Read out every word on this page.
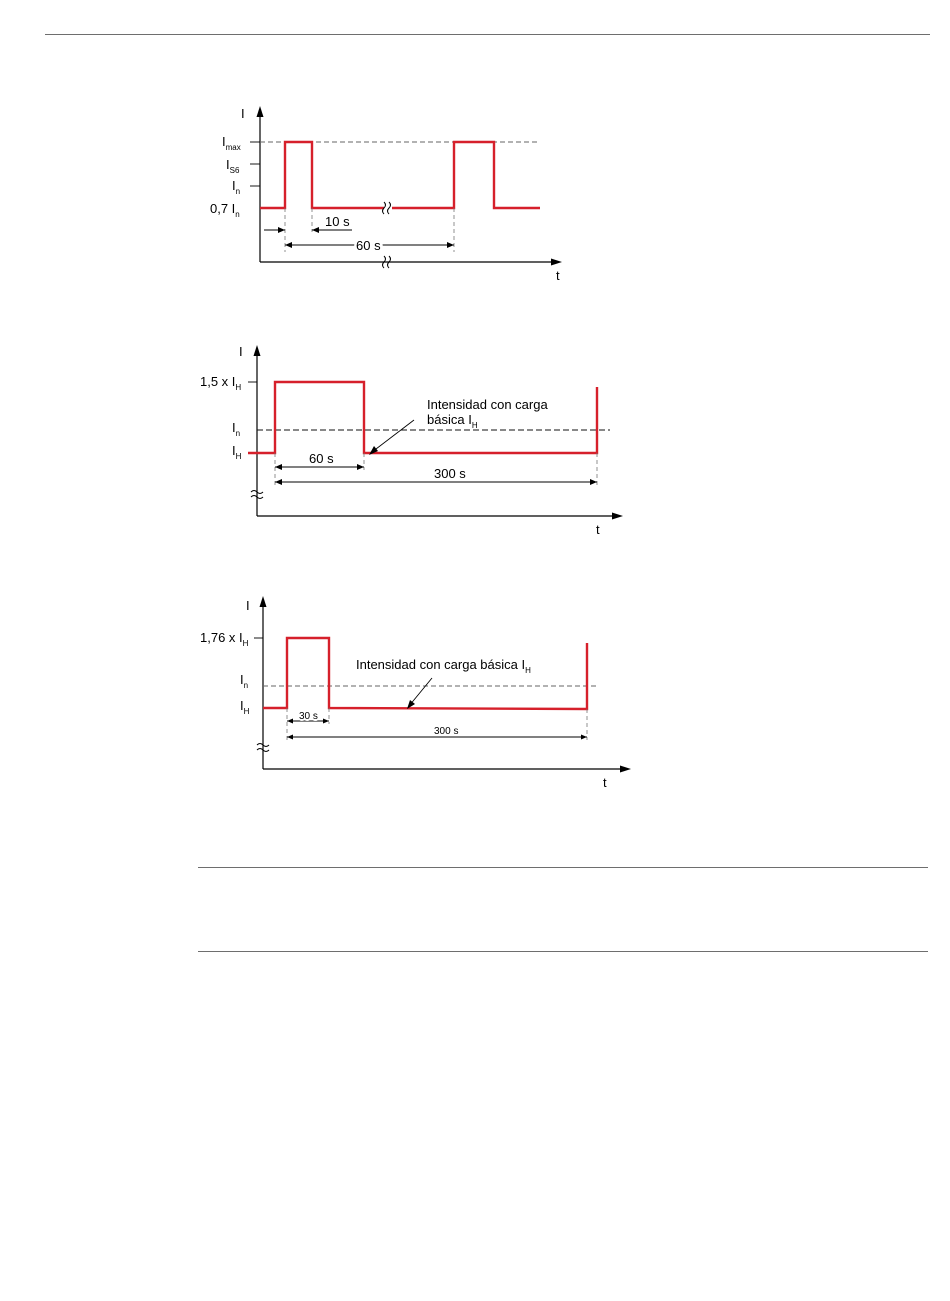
I
t
$I_{max}$
$I_{S6}$
$I_n$
0,7 $I_n$	10 s
60 s
I
t
1,5 x $I_H$
$I_n$
$I_H$
Intensidad con carga
básica $I_H$
60 s
300 s
I
t
1,76 x $I_H$
$I_n$
$I_H$
Intensidad con carga básica $I_H$
30 s
300 s
